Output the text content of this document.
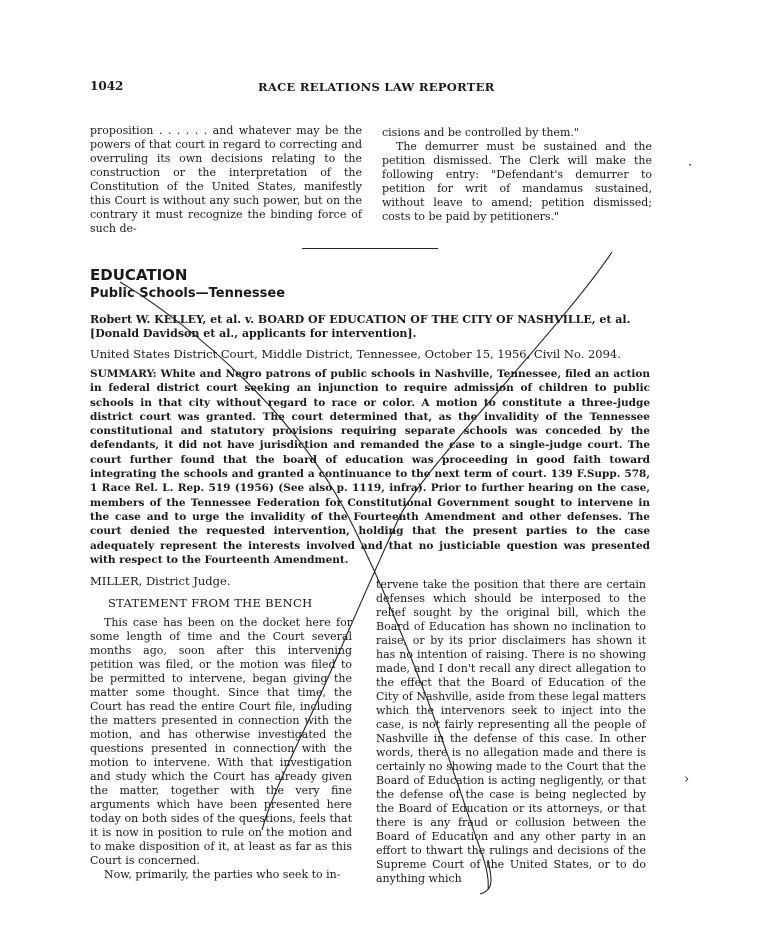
1042	RACE RELATIONS LAW REPORTER

proposition . . . . . . and whatever may be the powers of that court in regard to correcting and overruling its own decisions relating to the construction or the interpretation of the Constitution of the United States, manifestly this Court is without any such power, but on the contrary it must recognize the binding force of such de-

cisions and be controlled by them."

The demurrer must be sustained and the petition dismissed. The Clerk will make the following entry: "Defendant's demurrer to petition for writ of mandamus sustained, without leave to amend; petition dismissed; costs to be paid by petitioners."

EDUCATION
Public Schools—Tennessee
Robert W. KELLEY, et al. v. BOARD OF EDUCATION OF THE CITY OF NASHVILLE, et al.
[Donald Davidson et al., applicants for intervention].

United States District Court, Middle District, Tennessee, October 15, 1956, Civil No. 2094.

SUMMARY: White and Negro patrons of public schools in Nashville, Tennessee, filed an action in federal district court seeking an injunction to require admission of children to public schools in that city without regard to race or color. A motion to constitute a three-judge district court was granted. The court determined that, as the invalidity of the Tennessee constitutional and statutory provisions requiring separate schools was conceded by the defendants, it did not have jurisdiction and remanded the case to a single-judge court. The court further found that the board of education was proceeding in good faith toward integrating the schools and granted a continuance to the next term of court. 139 F.Supp. 578, 1 Race Rel. L. Rep. 519 (1956) (See also p. 1119, infra). Prior to further hearing on the case, members of the Tennessee Federation for Constitutional Government sought to intervene in the case and to urge the invalidity of the Fourteenth Amendment and other defenses. The court denied the requested intervention, holding that the present parties to the case adequately represent the interests involved and that no justiciable question was presented with respect to the Fourteenth Amendment.

MILLER, District Judge.

STATEMENT FROM THE BENCH

This case has been on the docket here for some length of time and the Court several months ago, soon after this intervening petition was filed, or the motion was filed to be permitted to intervene, began giving the matter some thought. Since that time, the Court has read the entire Court file, including the matters presented in connection with the motion, and has otherwise investigated the questions presented in connection with the motion to intervene. With that investigation and study which the Court has already given the matter, together with the very fine arguments which have been presented here today on both sides of the questions, feels that it is now in position to rule on the motion and to make disposition of it, at least as far as this Court is concerned.

Now, primarily, the parties who seek to in-

tervene take the position that there are certain defenses which should be interposed to the relief sought by the original bill, which the Board of Education has shown no inclination to raise, or by its prior disclaimers has shown it has no intention of raising. There is no showing made, and I don't recall any direct allegation to the effect that the Board of Education of the City of Nashville, aside from these legal matters which the intervenors seek to inject into the case, is not fairly representing all the people of Nashville in the defense of this case. In other words, there is no allegation made and there is certainly no showing made to the Court that the Board of Education is acting negligently, or that the defense of the case is being neglected by the Board of Education or its attorneys, or that there is any fraud or collusion between the Board of Education and any other party in an effort to thwart the rulings and decisions of the Supreme Court of the United States, or to do anything which

·
›
